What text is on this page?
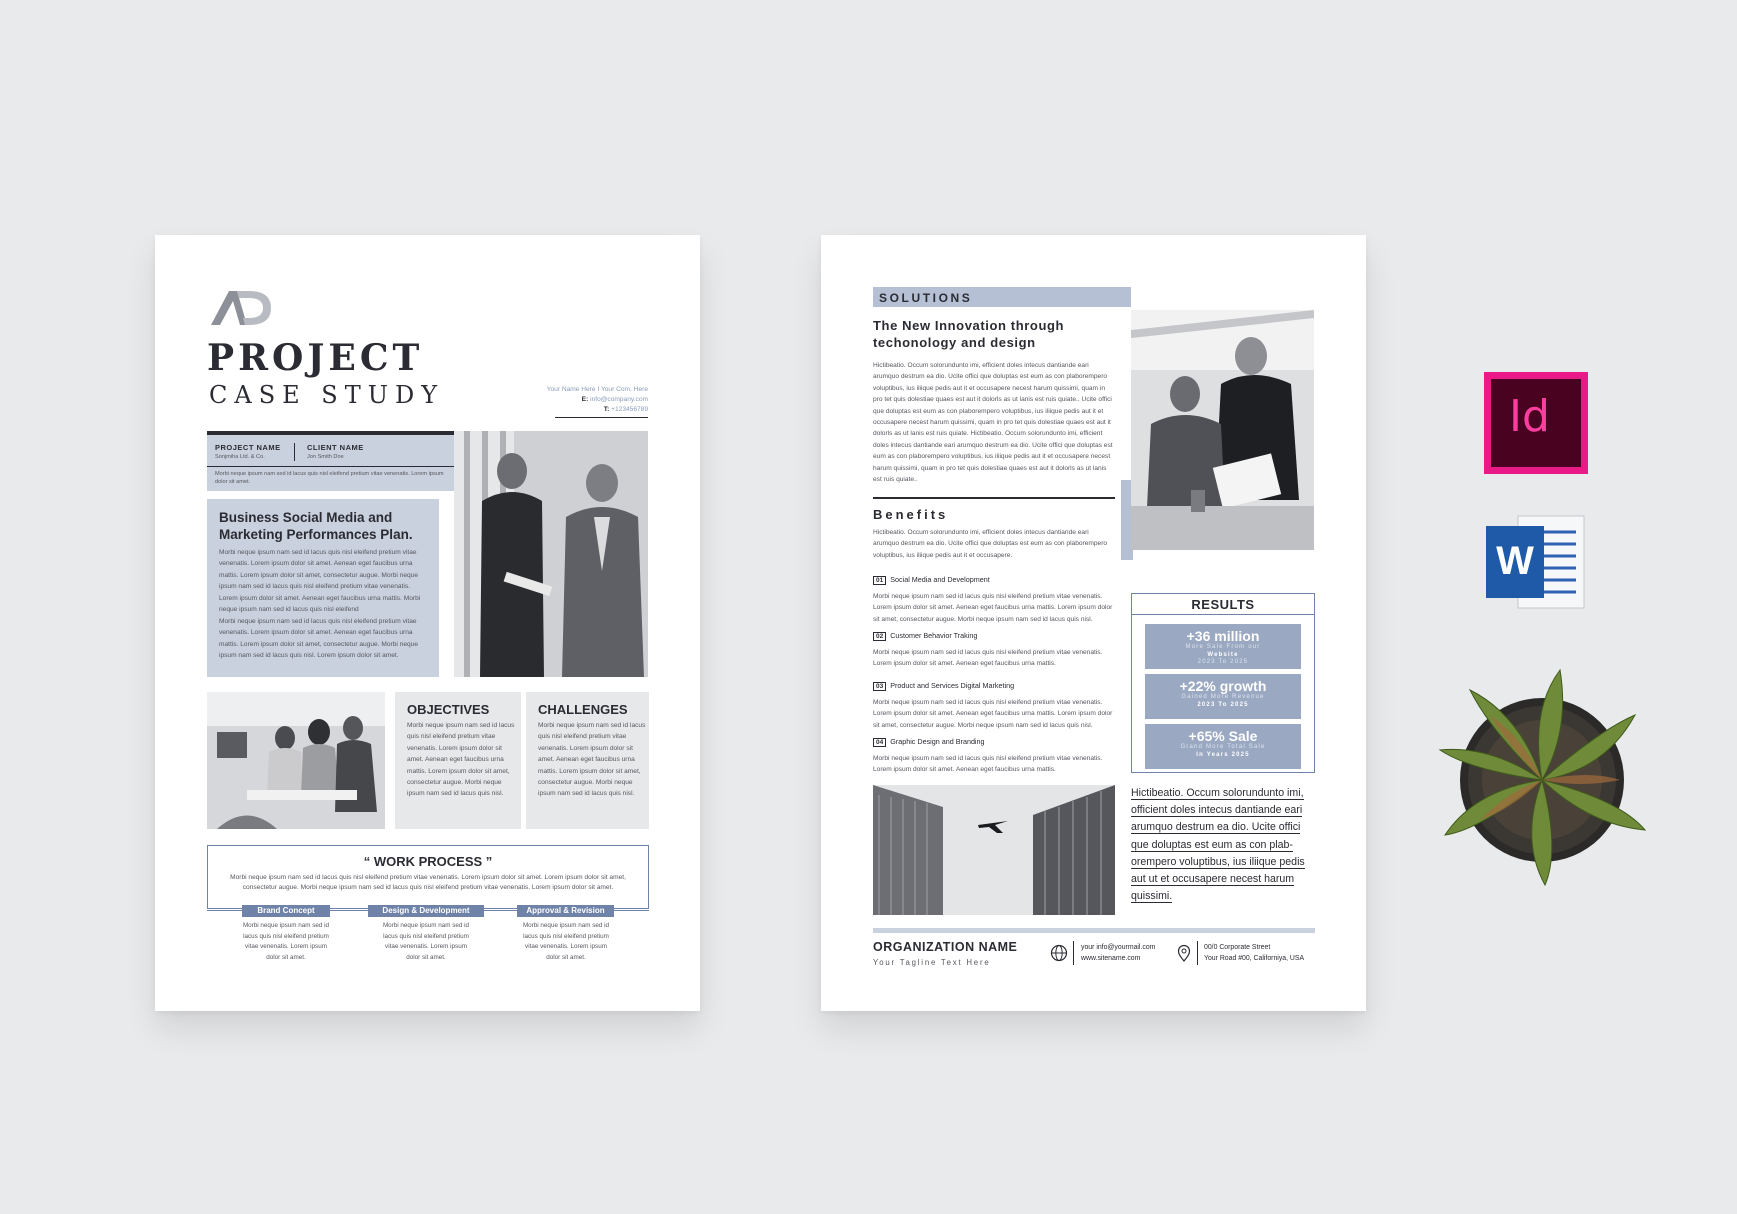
PROJECT
CASE STUDY	Your Name Here I Your Com. Here
E: info@company.com
T: +123456789
PROJECT NAME
Sonjmiha Ltd. & Co.
CLIENT NAME
Jon Smith Doe
Morbi neque ipsum nam sed id lacus quis nisl eleifend pretium vitae venenatis. Lorem ipsum dolor sit amet.
Business Social Media and Marketing Performances Plan.
Morbi neque ipsum nam sed id lacus quis nisl eleifend pretium vitae venenatis. Lorem ipsum dolor sit amet. Aenean eget faucibus urna mattis. Lorem ipsum dolor sit amet, consectetur augue. Morbi neque ipsum nam sed id lacus quis nisl eleifend pretium vitae venenatis. Lorem ipsum dolor sit amet. Aenean eget faucibus urna mattis. Morbi neque ipsum nam sed id lacus quis nisl eleifend
Morbi neque ipsum nam sed id lacus quis nisl eleifend pretium vitae venenatis. Lorem ipsum dolor sit amet. Aenean eget faucibus urna mattis. Lorem ipsum dolor sit amet, consectetur augue. Morbi neque ipsum nam sed id lacus quis nisl. Lorem ipsum dolor sit amet.
OBJECTIVES
Morbi neque ipsum nam sed id lacus quis nisl eleifend pretium vitae venenatis. Lorem ipsum dolor sit amet. Aenean eget faucibus urna mattis. Lorem ipsum dolor sit amet, consectetur augue. Morbi neque ipsum nam sed id lacus quis nisl.
CHALLENGES
Morbi neque ipsum nam sed id lacus quis nisl eleifend pretium vitae venenatis. Lorem ipsum dolor sit amet. Aenean eget faucibus urna mattis. Lorem ipsum dolor sit amet, consectetur augue. Morbi neque ipsum nam sed id lacus quis nisl.
“ WORK PROCESS ”
Morbi neque ipsum nam sed id lacus quis nisl eleifend pretium vitae venenatis. Lorem ipsum dolor sit amet. Lorem ipsum dolor sit amet, consectetur augue. Morbi neque ipsum nam sed id lacus quis nisl eleifend pretium vitae venenatis. Lorem ipsum dolor sit amet.
Brand Concept	Design & Development	Approval & Revision
Morbi neque ipsum nam sed id lacus quis nisl eleifend pretium vitae venenatis. Lorem ipsum dolor sit amet.
Morbi neque ipsum nam sed id lacus quis nisl eleifend pretium vitae venenatis. Lorem ipsum dolor sit amet.
Morbi neque ipsum nam sed id lacus quis nisl eleifend pretium vitae venenatis. Lorem ipsum dolor sit amet.
SOLUTIONS
The New Innovation through techonology and design
Hictibeatio. Occum solorunduntо imi, efficient doles intecus dantiande eari arumquo destrum ea dio. Ucite offici que doluptas est eum as con plaborempero voluptibus, ius iliique pedis aut it et occusapere necest harum quissimi, quam in pro tet quis dolestiae quaes est aut it dolorls as ut lanis est ruis quiate.. Ucite offici que doluptas est eum as con plaborempero voluptibus, ius iliique pedis aut it et occusapere necest harum quissimi, quam in pro tet quis dolestiae quaes est aut it dolorls as ut lanis est ruis quiate. Hictibeatio. Occum solorunduntо imi, efficient doles intecus dantiande eari arumquo destrum ea dio. Ucite offici que doluptas est eum as con plaborempero voluptibus, ius iliique pedis aut it et occusapere necest harum quissimi, quam in pro tet quis dolestiae quaes est aut it dolorls as ut lanis est ruis quiate..
Benefits
Hictibeatio. Occum solorunduntо imi, efficient doles intecus dantiande eari arumquo destrum ea dio. Ucite offici que doluptas est eum as con plaborempero voluptibus, ius iliique pedis aut it et occusapere.
01 Social Media and Development
Morbi neque ipsum nam sed id lacus quis nisl eleifend pretium vitae venenatis. Lorem ipsum dolor sit amet. Aenean eget faucibus urna mattis. Lorem ipsum dolor sit amet, consectetur augue. Morbi neque ipsum nam sed id lacus quis nisl.
02 Customer Behavior Traking
Morbi neque ipsum nam sed id lacus quis nisl eleifend pretium vitae venenatis. Lorem ipsum dolor sit amet. Aenean eget faucibus urna mattis.
03 Product and Services Digital Marketing
Morbi neque ipsum nam sed id lacus quis nisl eleifend pretium vitae venenatis. Lorem ipsum dolor sit amet. Aenean eget faucibus urna mattis. Lorem ipsum dolor sit amet, consectetur augue. Morbi neque ipsum nam sed id lacus quis nisl.
04 Graphic Design and Branding
Morbi neque ipsum nam sed id lacus quis nisl eleifend pretium vitae venenatis. Lorem ipsum dolor sit amet. Aenean eget faucibus urna mattis.
RESULTS
+36 million
More Sale From our
Website
2023 To 2025
+22% growth
Gained More Revenue
2023 To 2025
+65% Sale
Grand More Total Sale
In Years 2025
Hictibeatio. Occum solorunduntо imi,
officient doles intecus dantiande eari
arumquo destrum ea dio. Ucite offici
que doluptas est eum as con plab-
orempero voluptibus, ius iliique pedis
aut ut et occusapere necest harum
quissimi.
ORGANIZATION NAME
Your Tagline Text Here
your info@yourmail.com
www.sitename.com
00/0 Corporate Street
Your Road #00, Californiya, USA
Id
W
